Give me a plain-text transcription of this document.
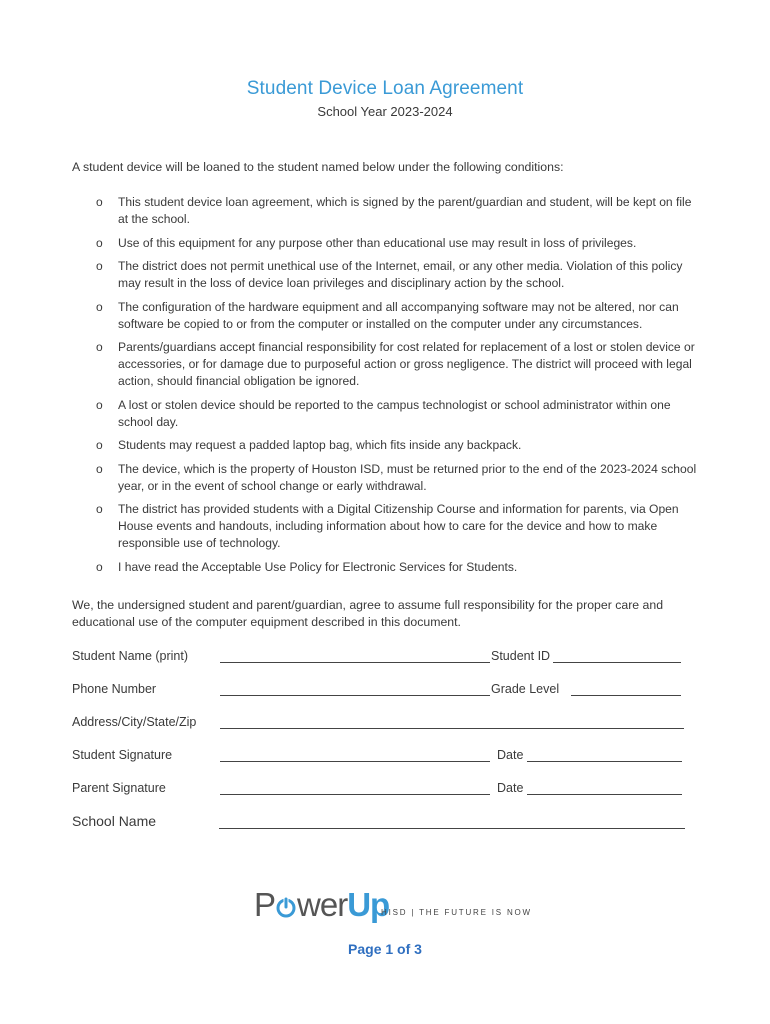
Student Device Loan Agreement
School Year 2023-2024
A student device will be loaned to the student named below under the following conditions:
o This student device loan agreement, which is signed by the parent/guardian and student, will be kept on file at the school.
o Use of this equipment for any purpose other than educational use may result in loss of privileges.
o The district does not permit unethical use of the Internet, email, or any other media. Violation of this policy may result in the loss of device loan privileges and disciplinary action by the school.
o The configuration of the hardware equipment and all accompanying software may not be altered, nor can software be copied to or from the computer or installed on the computer under any circumstances.
o Parents/guardians accept financial responsibility for cost related for replacement of a lost or stolen device or accessories, or for damage due to purposeful action or gross negligence. The district will proceed with legal action, should financial obligation be ignored.
o A lost or stolen device should be reported to the campus technologist or school administrator within one school day.
o Students may request a padded laptop bag, which fits inside any backpack.
o The device, which is the property of Houston ISD, must be returned prior to the end of the 2023-2024 school year, or in the event of school change or early withdrawal.
o The district has provided students with a Digital Citizenship Course and information for parents, via Open House events and handouts, including information about how to care for the device and how to make responsible use of technology.
o I have read the Acceptable Use Policy for Electronic Services for Students.
We, the undersigned student and parent/guardian, agree to assume full responsibility for the proper care and educational use of the computer equipment described in this document.
Student Name (print)	Student ID
Phone Number	Grade Level
Address/City/State/Zip
Student Signature	Date
Parent Signature	Date
School Name
P werUp
HISD | THE FUTURE IS NOW
Page 1 of 3
